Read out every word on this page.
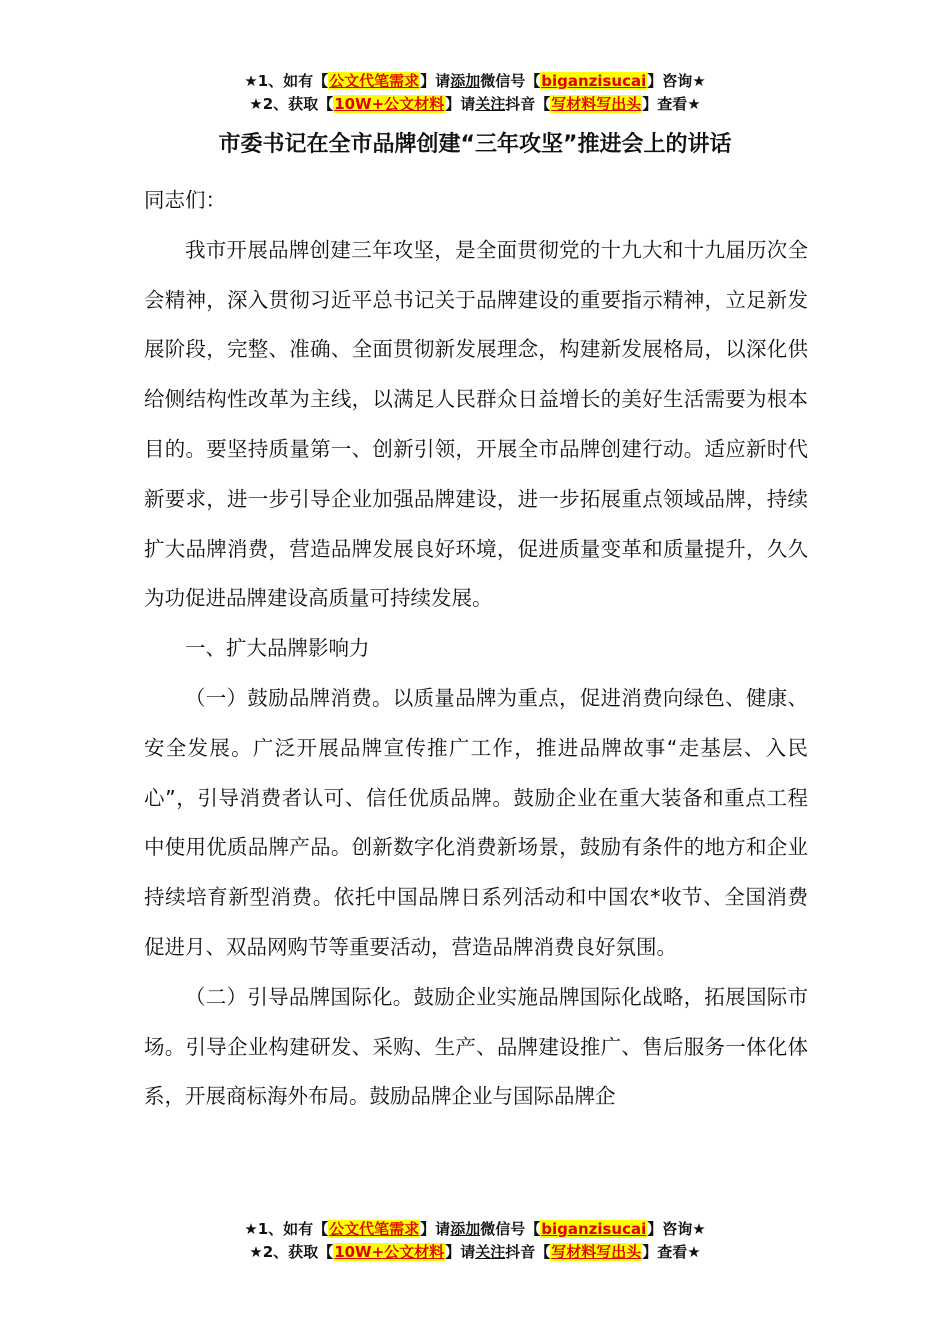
★1、如有【公文代笔需求】请添加微信号【biganzisucai】咨询★
★2、获取【10W+公文材料】请关注抖音【写材料写出头】查看★
市委书记在全市品牌创建“三年攻坚”推进会上的讲话

同志们：

我市开展品牌创建三年攻坚，是全面贯彻党的十九大和十九届历次全会精神，深入贯彻习近平总书记关于品牌建设的重要指示精神，立足新发展阶段，完整、准确、全面贯彻新发展理念，构建新发展格局，以深化供给侧结构性改革为主线，以满足人民群众日益增长的美好生活需要为根本目的。要坚持质量第一、创新引领，开展全市品牌创建行动。适应新时代新要求，进一步引导企业加强品牌建设，进一步拓展重点领域品牌，持续扩大品牌消费，营造品牌发展良好环境，促进质量变革和质量提升，久久为功促进品牌建设高质量可持续发展。

一、扩大品牌影响力

（一）鼓励品牌消费。以质量品牌为重点，促进消费向绿色、健康、安全发展。广泛开展品牌宣传推广工作，推进品牌故事“走基层、入民心”，引导消费者认可、信任优质品牌。鼓励企业在重大装备和重点工程中使用优质品牌产品。创新数字化消费新场景，鼓励有条件的地方和企业持续培育新型消费。依托中国品牌日系列活动和中国农*收节、全国消费促进月、双品网购节等重要活动，营造品牌消费良好氛围。

（二）引导品牌国际化。鼓励企业实施品牌国际化战略，拓展国际市场。引导企业构建研发、采购、生产、品牌建设推广、售后服务一体化体系，开展商标海外布局。鼓励品牌企业与国际品牌企

★1、如有【公文代笔需求】请添加微信号【biganzisucai】咨询★
★2、获取【10W+公文材料】请关注抖音【写材料写出头】查看★
